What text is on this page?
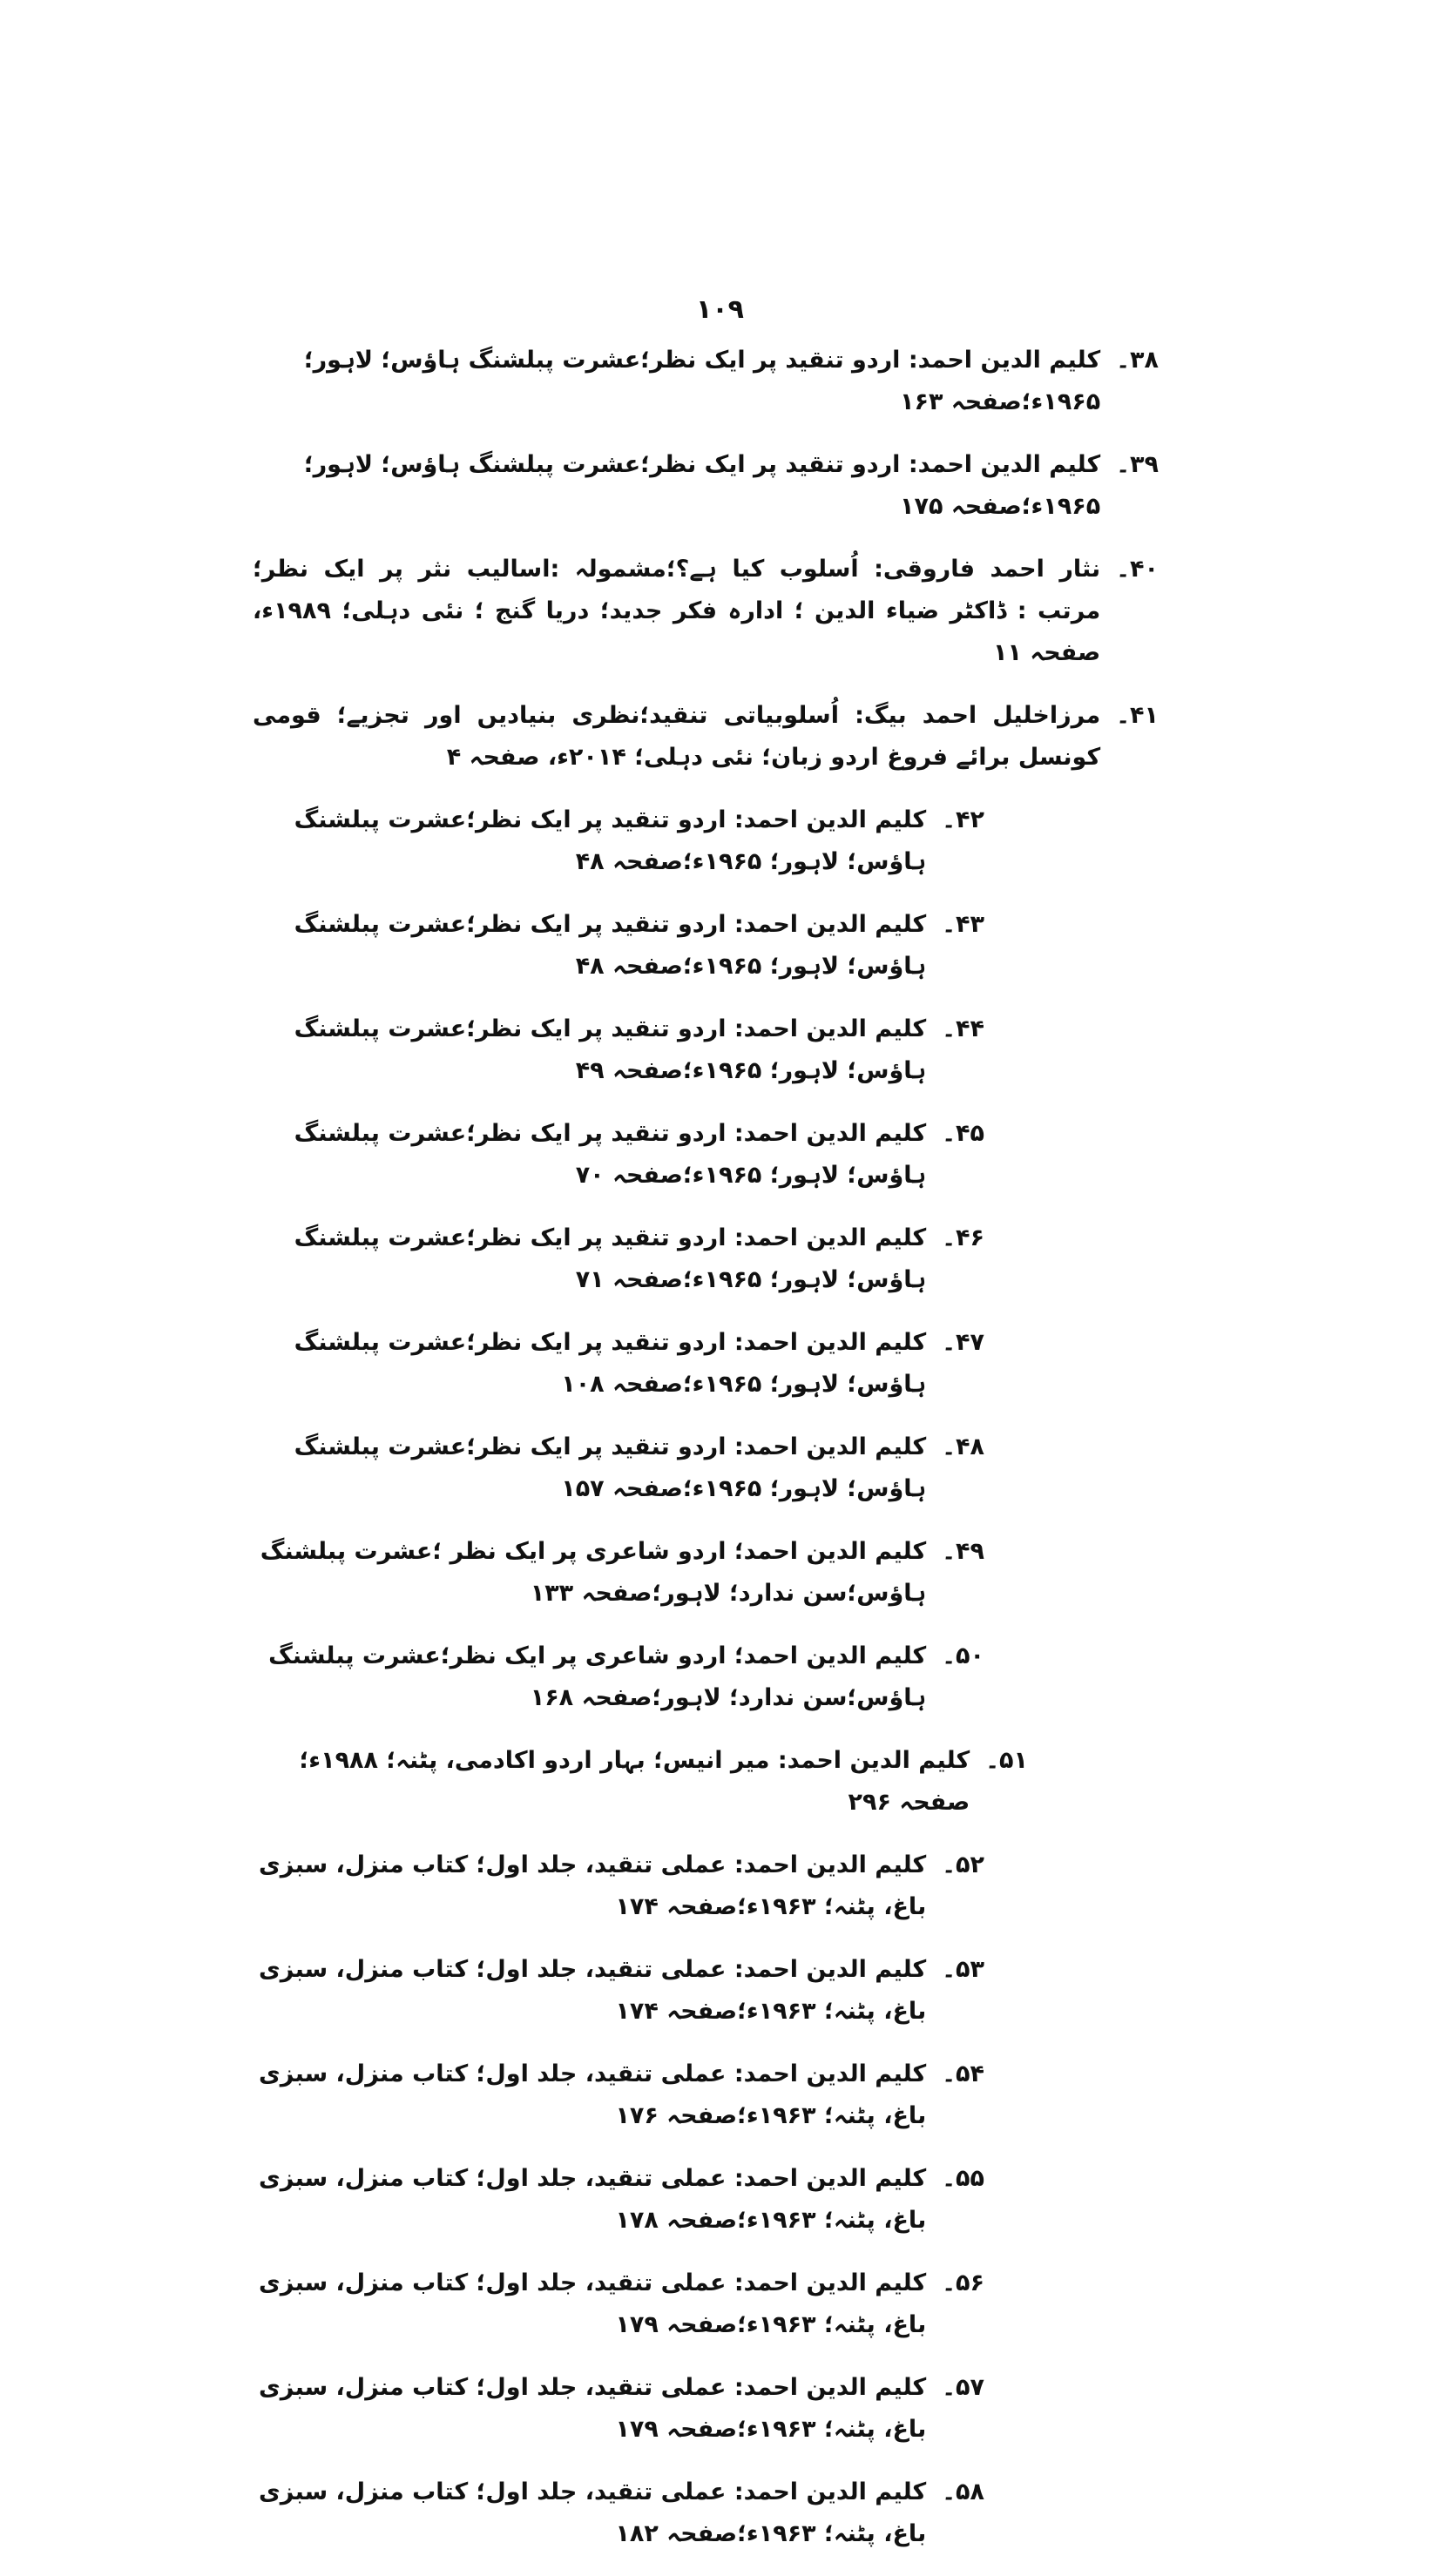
۱۰۹
۳۸۔
کلیم الدین احمد: اردو تنقید پر ایک نظر؛عشرت پبلشنگ ہاؤس؛ لاہور؛ ۱۹۶۵ء؛صفحہ ۱۶۳
۳۹۔
کلیم الدین احمد: اردو تنقید پر ایک نظر؛عشرت پبلشنگ ہاؤس؛ لاہور؛ ۱۹۶۵ء؛صفحہ ۱۷۵
۴۰۔
نثار احمد فاروقی: اُسلوب کیا ہے؟؛مشمولہ :اسالیب نثر پر ایک نظر؛ مرتب : ڈاکٹر ضیاء الدین ؛ ادارہ فکر جدید؛ دریا گنج ؛ نئی دہلی؛ ۱۹۸۹ء، صفحہ ۱۱
۴۱۔
مرزاخلیل احمد بیگ: اُسلوبیاتی تنقید؛نظری بنیادیں اور تجزیے؛ قومی کونسل برائے فروغ اردو زبان؛ نئی دہلی؛ ۲۰۱۴ء، صفحہ ۴
۴۲۔
کلیم الدین احمد: اردو تنقید پر ایک نظر؛عشرت پبلشنگ ہاؤس؛ لاہور؛ ۱۹۶۵ء؛صفحہ ۴۸
۴۳۔
کلیم الدین احمد: اردو تنقید پر ایک نظر؛عشرت پبلشنگ ہاؤس؛ لاہور؛ ۱۹۶۵ء؛صفحہ ۴۸
۴۴۔
کلیم الدین احمد: اردو تنقید پر ایک نظر؛عشرت پبلشنگ ہاؤس؛ لاہور؛ ۱۹۶۵ء؛صفحہ ۴۹
۴۵۔
کلیم الدین احمد: اردو تنقید پر ایک نظر؛عشرت پبلشنگ ہاؤس؛ لاہور؛ ۱۹۶۵ء؛صفحہ ۷۰
۴۶۔
کلیم الدین احمد: اردو تنقید پر ایک نظر؛عشرت پبلشنگ ہاؤس؛ لاہور؛ ۱۹۶۵ء؛صفحہ ۷۱
۴۷۔
کلیم الدین احمد: اردو تنقید پر ایک نظر؛عشرت پبلشنگ ہاؤس؛ لاہور؛ ۱۹۶۵ء؛صفحہ ۱۰۸
۴۸۔
کلیم الدین احمد: اردو تنقید پر ایک نظر؛عشرت پبلشنگ ہاؤس؛ لاہور؛ ۱۹۶۵ء؛صفحہ ۱۵۷
۴۹۔
کلیم الدین احمد؛ اردو شاعری پر ایک نظر ؛عشرت پبلشنگ ہاؤس؛سن ندارد؛ لاہور؛صفحہ ۱۳۳
۵۰۔
کلیم الدین احمد؛ اردو شاعری پر ایک نظر؛عشرت پبلشنگ ہاؤس؛سن ندارد؛ لاہور؛صفحہ ۱۶۸
۵۱۔
کلیم الدین احمد: میر انیس؛ بہار اردو اکادمی، پٹنہ؛ ۱۹۸۸ء؛صفحہ ۲۹۶
۵۲۔
کلیم الدین احمد: عملی تنقید، جلد اول؛ کتاب منزل، سبزی باغ، پٹنہ؛ ۱۹۶۳ء؛صفحہ ۱۷۴
۵۳۔
کلیم الدین احمد: عملی تنقید، جلد اول؛ کتاب منزل، سبزی باغ، پٹنہ؛ ۱۹۶۳ء؛صفحہ ۱۷۴
۵۴۔
کلیم الدین احمد: عملی تنقید، جلد اول؛ کتاب منزل، سبزی باغ، پٹنہ؛ ۱۹۶۳ء؛صفحہ ۱۷۶
۵۵۔
کلیم الدین احمد: عملی تنقید، جلد اول؛ کتاب منزل، سبزی باغ، پٹنہ؛ ۱۹۶۳ء؛صفحہ ۱۷۸
۵۶۔
کلیم الدین احمد: عملی تنقید، جلد اول؛ کتاب منزل، سبزی باغ، پٹنہ؛ ۱۹۶۳ء؛صفحہ ۱۷۹
۵۷۔
کلیم الدین احمد: عملی تنقید، جلد اول؛ کتاب منزل، سبزی باغ، پٹنہ؛ ۱۹۶۳ء؛صفحہ ۱۷۹
۵۸۔
کلیم الدین احمد: عملی تنقید، جلد اول؛ کتاب منزل، سبزی باغ، پٹنہ؛ ۱۹۶۳ء؛صفحہ ۱۸۲
